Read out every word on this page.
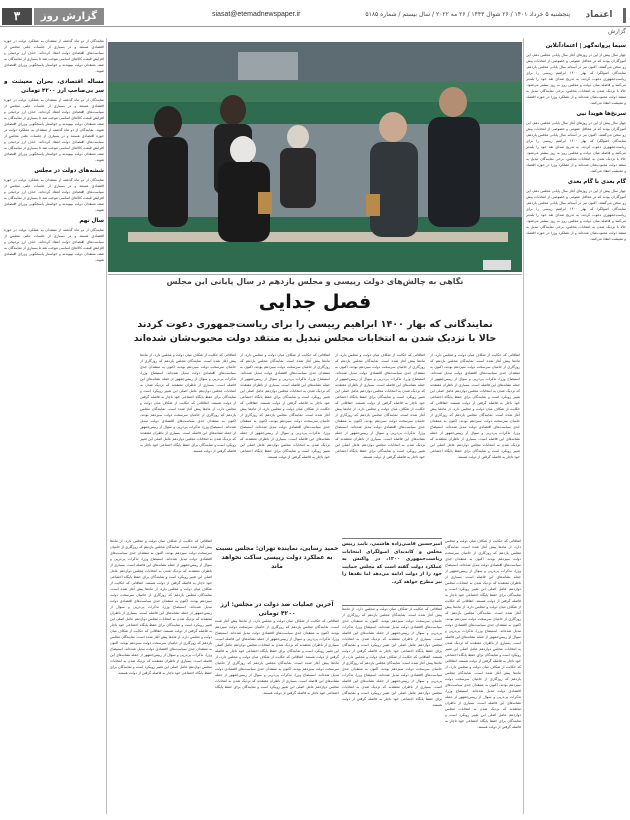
۳	گزارش روز	siasat@etemadnewspaper.ir	پنجشنبه ۵ خرداد ۱۴۰۱ / ۲۶ شوال ۱۴۴۳ / ۲۶ مه ۲۰۲۲ / سال بیستم / شماره ۵۱۸۵	اعتماد
گزارش
سیما پروانه‌گهر | اعتمادآنلاین
چهار سال پیش از این در روزهای آغاز سال پایانی مجلس دهم، این آموزگاران بودند که در محافل عمومی و خصوصی از انتخابات پیش رو سخن می‌گفتند. اکنون نیز در آستانه سال پایانی مجلس یازدهم، نمایندگان اصولگرا که بهار ۱۴۰۰ ابراهیم رییسی را برای ریاست‌جمهوری دعوت کردند، به تدریج صدای نقد خود را بلندتر می‌کنند و فاصله میان دولت و مجلس روز به روز بیشتر می‌شود. حالا با نزدیک شدن به انتخابات مجلس، برخی نمایندگان تبدیل به منتقد دولت محبوب‌شان شده‌اند و از عملکرد وزرا در حوزه اقتصاد و معیشت انتقاد می‌کنند.
سرنخ‌ها هویدا نیی
چهار سال پیش از این در روزهای آغاز سال پایانی مجلس دهم، این آموزگاران بودند که در محافل عمومی و خصوصی از انتخابات پیش رو سخن می‌گفتند. اکنون نیز در آستانه سال پایانی مجلس یازدهم، نمایندگان اصولگرا که بهار ۱۴۰۰ ابراهیم رییسی را برای ریاست‌جمهوری دعوت کردند، به تدریج صدای نقد خود را بلندتر می‌کنند و فاصله میان دولت و مجلس روز به روز بیشتر می‌شود. حالا با نزدیک شدن به انتخابات مجلس، برخی نمایندگان تبدیل به منتقد دولت محبوب‌شان شده‌اند و از عملکرد وزرا در حوزه اقتصاد و معیشت انتقاد می‌کنند.
گام بعدی با گام بعدی
چهار سال پیش از این در روزهای آغاز سال پایانی مجلس دهم، این آموزگاران بودند که در محافل عمومی و خصوصی از انتخابات پیش رو سخن می‌گفتند. اکنون نیز در آستانه سال پایانی مجلس یازدهم، نمایندگان اصولگرا که بهار ۱۴۰۰ ابراهیم رییسی را برای ریاست‌جمهوری دعوت کردند، به تدریج صدای نقد خود را بلندتر می‌کنند و فاصله میان دولت و مجلس روز به روز بیشتر می‌شود. حالا با نزدیک شدن به انتخابات مجلس، برخی نمایندگان تبدیل به منتقد دولت محبوب‌شان شده‌اند و از عملکرد وزرا در حوزه اقتصاد و معیشت انتقاد می‌کنند.
نگاهی به چالش‌های دولت رییسی و مجلس یازدهم در سال پایانی این مجلس
فصل جدایی
نمایندگانی که بهار ۱۴۰۰ ابراهیم رییسی را برای ریاست‌جمهوری دعوت کردند
حالا با نزدیک شدن به انتخابات مجلس تبدیل به منتقد دولت محبوب‌شان شده‌اند
اتفاقاتی که حکایت از شکاف میان دولت و مجلس دارد، از ماه‌ها پیش آغاز شده است. نمایندگان مجلس یازدهم که روزگاری از حامیان سرسخت دولت سیزدهم بودند، اکنون به منتقدان جدی سیاست‌های اقتصادی دولت تبدیل شده‌اند. استیضاح وزرا، تذکرات پی‌درپی و سوال از رییس‌جمهور از جمله نشانه‌های این فاصله است. بسیاری از ناظران معتقدند که نزدیک شدن به انتخابات مجلس دوازدهم عامل اصلی این تغییر رویکرد است و نمایندگان برای حفظ پایگاه اجتماعی خود ناچار به فاصله گرفتن از دولت هستند. اتفاقاتی که حکایت از شکاف میان دولت و مجلس دارد، از ماه‌ها پیش آغاز شده است. نمایندگان مجلس یازدهم که روزگاری از حامیان سرسخت دولت سیزدهم بودند، اکنون به منتقدان جدی سیاست‌های اقتصادی دولت تبدیل شده‌اند. استیضاح وزرا، تذکرات پی‌درپی و سوال از رییس‌جمهور از جمله نشانه‌های این فاصله است. بسیاری از ناظران معتقدند که نزدیک شدن به انتخابات مجلس دوازدهم عامل اصلی این تغییر رویکرد است و نمایندگان برای حفظ پایگاه اجتماعی خود ناچار به فاصله گرفتن از دولت هستند.
اتفاقاتی که حکایت از شکاف میان دولت و مجلس دارد، از ماه‌ها پیش آغاز شده است. نمایندگان مجلس یازدهم که روزگاری از حامیان سرسخت دولت سیزدهم بودند، اکنون به منتقدان جدی سیاست‌های اقتصادی دولت تبدیل شده‌اند. استیضاح وزرا، تذکرات پی‌درپی و سوال از رییس‌جمهور از جمله نشانه‌های این فاصله است. بسیاری از ناظران معتقدند که نزدیک شدن به انتخابات مجلس دوازدهم عامل اصلی این تغییر رویکرد است و نمایندگان برای حفظ پایگاه اجتماعی خود ناچار به فاصله گرفتن از دولت هستند. اتفاقاتی که حکایت از شکاف میان دولت و مجلس دارد، از ماه‌ها پیش آغاز شده است. نمایندگان مجلس یازدهم که روزگاری از حامیان سرسخت دولت سیزدهم بودند، اکنون به منتقدان جدی سیاست‌های اقتصادی دولت تبدیل شده‌اند. استیضاح وزرا، تذکرات پی‌درپی و سوال از رییس‌جمهور از جمله نشانه‌های این فاصله است. بسیاری از ناظران معتقدند که نزدیک شدن به انتخابات مجلس دوازدهم عامل اصلی این تغییر رویکرد است و نمایندگان برای حفظ پایگاه اجتماعی خود ناچار به فاصله گرفتن از دولت هستند.
اتفاقاتی که حکایت از شکاف میان دولت و مجلس دارد، از ماه‌ها پیش آغاز شده است. نمایندگان مجلس یازدهم که روزگاری از حامیان سرسخت دولت سیزدهم بودند، اکنون به منتقدان جدی سیاست‌های اقتصادی دولت تبدیل شده‌اند. استیضاح وزرا، تذکرات پی‌درپی و سوال از رییس‌جمهور از جمله نشانه‌های این فاصله است. بسیاری از ناظران معتقدند که نزدیک شدن به انتخابات مجلس دوازدهم عامل اصلی این تغییر رویکرد است و نمایندگان برای حفظ پایگاه اجتماعی خود ناچار به فاصله گرفتن از دولت هستند. اتفاقاتی که حکایت از شکاف میان دولت و مجلس دارد، از ماه‌ها پیش آغاز شده است. نمایندگان مجلس یازدهم که روزگاری از حامیان سرسخت دولت سیزدهم بودند، اکنون به منتقدان جدی سیاست‌های اقتصادی دولت تبدیل شده‌اند. استیضاح وزرا، تذکرات پی‌درپی و سوال از رییس‌جمهور از جمله نشانه‌های این فاصله است. بسیاری از ناظران معتقدند که نزدیک شدن به انتخابات مجلس دوازدهم عامل اصلی این تغییر رویکرد است و نمایندگان برای حفظ پایگاه اجتماعی خود ناچار به فاصله گرفتن از دولت هستند.
اتفاقاتی که حکایت از شکاف میان دولت و مجلس دارد، از ماه‌ها پیش آغاز شده است. نمایندگان مجلس یازدهم که روزگاری از حامیان سرسخت دولت سیزدهم بودند، اکنون به منتقدان جدی سیاست‌های اقتصادی دولت تبدیل شده‌اند. استیضاح وزرا، تذکرات پی‌درپی و سوال از رییس‌جمهور از جمله نشانه‌های این فاصله است. بسیاری از ناظران معتقدند که نزدیک شدن به انتخابات مجلس دوازدهم عامل اصلی این تغییر رویکرد است و نمایندگان برای حفظ پایگاه اجتماعی خود ناچار به فاصله گرفتن از دولت هستند. اتفاقاتی که حکایت از شکاف میان دولت و مجلس دارد، از ماه‌ها پیش آغاز شده است. نمایندگان مجلس یازدهم که روزگاری از حامیان سرسخت دولت سیزدهم بودند، اکنون به منتقدان جدی سیاست‌های اقتصادی دولت تبدیل شده‌اند. استیضاح وزرا، تذکرات پی‌درپی و سوال از رییس‌جمهور از جمله نشانه‌های این فاصله است. بسیاری از ناظران معتقدند که نزدیک شدن به انتخابات مجلس دوازدهم عامل اصلی این تغییر رویکرد است و نمایندگان برای حفظ پایگاه اجتماعی خود ناچار به فاصله گرفتن از دولت هستند.
امیرحسین قاضی‌زاده هاشمی، نایب رییس مجلس و کاندیدای اصولگرای انتخابات ریاست‌جمهوری ۱۴۰۰، در واکنش به عملکرد دولت گفته است که مجلس حمایت خود را از دولت ادامه می‌دهد اما نقدها را نیز مطرح خواهد کرد.
حمید رسایی، نماینده تهران: مجلس نسبت به عملکرد دولت رییسی ساکت نخواهد ماند
آخرین عملیات ضد دولت در مجلس: ارز ۴۲۰۰ تومانی
اتفاقاتی که حکایت از شکاف میان دولت و مجلس دارد، از ماه‌ها پیش آغاز شده است. نمایندگان مجلس یازدهم که روزگاری از حامیان سرسخت دولت سیزدهم بودند، اکنون به منتقدان جدی سیاست‌های اقتصادی دولت تبدیل شده‌اند. استیضاح وزرا، تذکرات پی‌درپی و سوال از رییس‌جمهور از جمله نشانه‌های این فاصله است. بسیاری از ناظران معتقدند که نزدیک شدن به انتخابات مجلس دوازدهم عامل اصلی این تغییر رویکرد است و نمایندگان برای حفظ پایگاه اجتماعی خود ناچار به فاصله گرفتن از دولت هستند. اتفاقاتی که حکایت از شکاف میان دولت و مجلس دارد، از ماه‌ها پیش آغاز شده است. نمایندگان مجلس یازدهم که روزگاری از حامیان سرسخت دولت سیزدهم بودند، اکنون به منتقدان جدی سیاست‌های اقتصادی دولت تبدیل شده‌اند. استیضاح وزرا، تذکرات پی‌درپی و سوال از رییس‌جمهور از جمله نشانه‌های این فاصله است. بسیاری از ناظران معتقدند که نزدیک شدن به انتخابات مجلس دوازدهم عامل اصلی این تغییر رویکرد است و نمایندگان برای حفظ پایگاه اجتماعی خود ناچار به فاصله گرفتن از دولت هستند. اتفاقاتی که حکایت از شکاف میان دولت و مجلس دارد، از ماه‌ها پیش آغاز شده است. نمایندگان مجلس یازدهم که روزگاری از حامیان سرسخت دولت سیزدهم بودند، اکنون به منتقدان جدی سیاست‌های اقتصادی دولت تبدیل شده‌اند. استیضاح وزرا، تذکرات پی‌درپی و سوال از رییس‌جمهور از جمله نشانه‌های این فاصله است. بسیاری از ناظران معتقدند که نزدیک شدن به انتخابات مجلس دوازدهم عامل اصلی این تغییر رویکرد است و نمایندگان برای حفظ پایگاه اجتماعی خود ناچار به فاصله گرفتن از دولت هستند.
اتفاقاتی که حکایت از شکاف میان دولت و مجلس دارد، از ماه‌ها پیش آغاز شده است. نمایندگان مجلس یازدهم که روزگاری از حامیان سرسخت دولت سیزدهم بودند، اکنون به منتقدان جدی سیاست‌های اقتصادی دولت تبدیل شده‌اند. استیضاح وزرا، تذکرات پی‌درپی و سوال از رییس‌جمهور از جمله نشانه‌های این فاصله است. بسیاری از ناظران معتقدند که نزدیک شدن به انتخابات مجلس دوازدهم عامل اصلی این تغییر رویکرد است و نمایندگان برای حفظ پایگاه اجتماعی خود ناچار به فاصله گرفتن از دولت هستند. اتفاقاتی که حکایت از شکاف میان دولت و مجلس دارد، از ماه‌ها پیش آغاز شده است. نمایندگان مجلس یازدهم که روزگاری از حامیان سرسخت دولت سیزدهم بودند، اکنون به منتقدان جدی سیاست‌های اقتصادی دولت تبدیل شده‌اند. استیضاح وزرا، تذکرات پی‌درپی و سوال از رییس‌جمهور از جمله نشانه‌های این فاصله است. بسیاری از ناظران معتقدند که نزدیک شدن به انتخابات مجلس دوازدهم عامل اصلی این تغییر رویکرد است و نمایندگان برای حفظ پایگاه اجتماعی خود ناچار به فاصله گرفتن از دولت هستند.
اتفاقاتی که حکایت از شکاف میان دولت و مجلس دارد، از ماه‌ها پیش آغاز شده است. نمایندگان مجلس یازدهم که روزگاری از حامیان سرسخت دولت سیزدهم بودند، اکنون به منتقدان جدی سیاست‌های اقتصادی دولت تبدیل شده‌اند. استیضاح وزرا، تذکرات پی‌درپی و سوال از رییس‌جمهور از جمله نشانه‌های این فاصله است. بسیاری از ناظران معتقدند که نزدیک شدن به انتخابات مجلس دوازدهم عامل اصلی این تغییر رویکرد است و نمایندگان برای حفظ پایگاه اجتماعی خود ناچار به فاصله گرفتن از دولت هستند. اتفاقاتی که حکایت از شکاف میان دولت و مجلس دارد، از ماه‌ها پیش آغاز شده است. نمایندگان مجلس یازدهم که روزگاری از حامیان سرسخت دولت سیزدهم بودند، اکنون به منتقدان جدی سیاست‌های اقتصادی دولت تبدیل شده‌اند. استیضاح وزرا، تذکرات پی‌درپی و سوال از رییس‌جمهور از جمله نشانه‌های این فاصله است. بسیاری از ناظران معتقدند که نزدیک شدن به انتخابات مجلس دوازدهم عامل اصلی این تغییر رویکرد است و نمایندگان برای حفظ پایگاه اجتماعی خود ناچار به فاصله گرفتن از دولت هستند.
اتفاقاتی که حکایت از شکاف میان دولت و مجلس دارد، از ماه‌ها پیش آغاز شده است. نمایندگان مجلس یازدهم که روزگاری از حامیان سرسخت دولت سیزدهم بودند، اکنون به منتقدان جدی سیاست‌های اقتصادی دولت تبدیل شده‌اند. استیضاح وزرا، تذکرات پی‌درپی و سوال از رییس‌جمهور از جمله نشانه‌های این فاصله است. بسیاری از ناظران معتقدند که نزدیک شدن به انتخابات مجلس دوازدهم عامل اصلی این تغییر رویکرد است و نمایندگان برای حفظ پایگاه اجتماعی خود ناچار به فاصله گرفتن از دولت هستند. اتفاقاتی که حکایت از شکاف میان دولت و مجلس دارد، از ماه‌ها پیش آغاز شده است. نمایندگان مجلس یازدهم که روزگاری از حامیان سرسخت دولت سیزدهم بودند، اکنون به منتقدان جدی سیاست‌های اقتصادی دولت تبدیل شده‌اند. استیضاح وزرا، تذکرات پی‌درپی و سوال از رییس‌جمهور از جمله نشانه‌های این فاصله است. بسیاری از ناظران معتقدند که نزدیک شدن به انتخابات مجلس دوازدهم عامل اصلی این تغییر رویکرد است و نمایندگان برای حفظ پایگاه اجتماعی خود ناچار به فاصله گرفتن از دولت هستند. اتفاقاتی که حکایت از شکاف میان دولت و مجلس دارد، از ماه‌ها پیش آغاز شده است. نمایندگان مجلس یازدهم که روزگاری از حامیان سرسخت دولت سیزدهم بودند، اکنون به منتقدان جدی سیاست‌های اقتصادی دولت تبدیل شده‌اند. استیضاح وزرا، تذکرات پی‌درپی و سوال از رییس‌جمهور از جمله نشانه‌های این فاصله است. بسیاری از ناظران معتقدند که نزدیک شدن به انتخابات مجلس دوازدهم عامل اصلی این تغییر رویکرد است و نمایندگان برای حفظ پایگاه اجتماعی خود ناچار به فاصله گرفتن از دولت هستند.
نمایندگان از دو ماه گذشته از منتقدان به عملکرد دولت در حوزه اقتصادی هستند و در بسیاری از جلسات علنی مجلس از سیاست‌های اقتصادی دولت انتقاد کرده‌اند. حذف ارز ترجیحی و افزایش قیمت کالاهای اساسی موجب شد تا بسیاری از نمایندگان به صف منتقدان دولت بپیوندند و خواستار پاسخگویی وزرای اقتصادی شوند.
مساله اقتصادی، بحران معیشت و سر بی‌صاحب ارز ۴۲۰۰ تومانی
نمایندگان از دو ماه گذشته از منتقدان به عملکرد دولت در حوزه اقتصادی هستند و در بسیاری از جلسات علنی مجلس از سیاست‌های اقتصادی دولت انتقاد کرده‌اند. حذف ارز ترجیحی و افزایش قیمت کالاهای اساسی موجب شد تا بسیاری از نمایندگان به صف منتقدان دولت بپیوندند و خواستار پاسخگویی وزرای اقتصادی شوند. نمایندگان از دو ماه گذشته از منتقدان به عملکرد دولت در حوزه اقتصادی هستند و در بسیاری از جلسات علنی مجلس از سیاست‌های اقتصادی دولت انتقاد کرده‌اند. حذف ارز ترجیحی و افزایش قیمت کالاهای اساسی موجب شد تا بسیاری از نمایندگان به صف منتقدان دولت بپیوندند و خواستار پاسخگویی وزرای اقتصادی شوند.
ششه‌های دولت در مجلس
نمایندگان از دو ماه گذشته از منتقدان به عملکرد دولت در حوزه اقتصادی هستند و در بسیاری از جلسات علنی مجلس از سیاست‌های اقتصادی دولت انتقاد کرده‌اند. حذف ارز ترجیحی و افزایش قیمت کالاهای اساسی موجب شد تا بسیاری از نمایندگان به صف منتقدان دولت بپیوندند و خواستار پاسخگویی وزرای اقتصادی شوند.
سال نهم
نمایندگان از دو ماه گذشته از منتقدان به عملکرد دولت در حوزه اقتصادی هستند و در بسیاری از جلسات علنی مجلس از سیاست‌های اقتصادی دولت انتقاد کرده‌اند. حذف ارز ترجیحی و افزایش قیمت کالاهای اساسی موجب شد تا بسیاری از نمایندگان به صف منتقدان دولت بپیوندند و خواستار پاسخگویی وزرای اقتصادی شوند.
